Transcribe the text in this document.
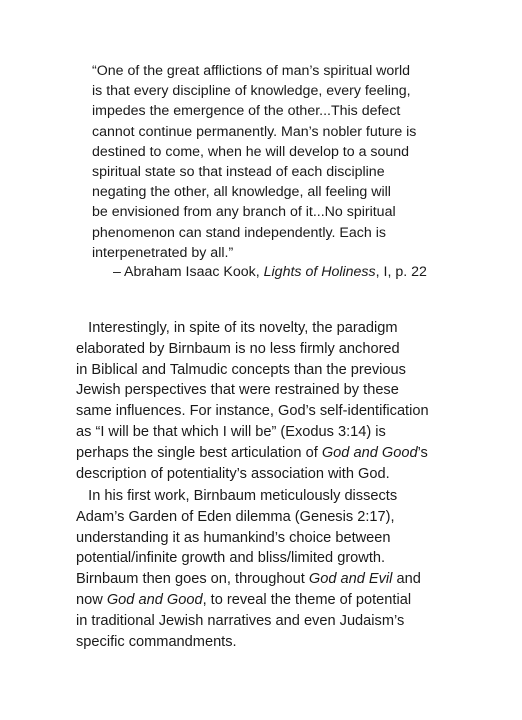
“One of the great afflictions of man’s spiritual world
is that every discipline of knowledge, every feeling,
impedes the emergence of the other...This defect
cannot continue permanently. Man’s nobler future is
destined to come, when he will develop to a sound
spiritual state so that instead of each discipline
negating the other, all knowledge, all feeling will
be envisioned from any branch of it...No spiritual
phenomenon can stand independently. Each is
interpenetrated by all.”
– Abraham Isaac Kook, Lights of Holiness, I, p. 22
Interestingly, in spite of its novelty, the paradigm
elaborated by Birnbaum is no less firmly anchored
in Biblical and Talmudic concepts than the previous
Jewish perspectives that were restrained by these
same influences. For instance, God’s self-identification
as “I will be that which I will be” (Exodus 3:14) is
perhaps the single best articulation of God and Good’s
description of potentiality’s association with God.
In his first work, Birnbaum meticulously dissects
Adam’s Garden of Eden dilemma (Genesis 2:17),
understanding it as humankind’s choice between
potential/infinite growth and bliss/limited growth.
Birnbaum then goes on, throughout God and Evil and
now God and Good, to reveal the theme of potential
in traditional Jewish narratives and even Judaism’s
specific commandments.
